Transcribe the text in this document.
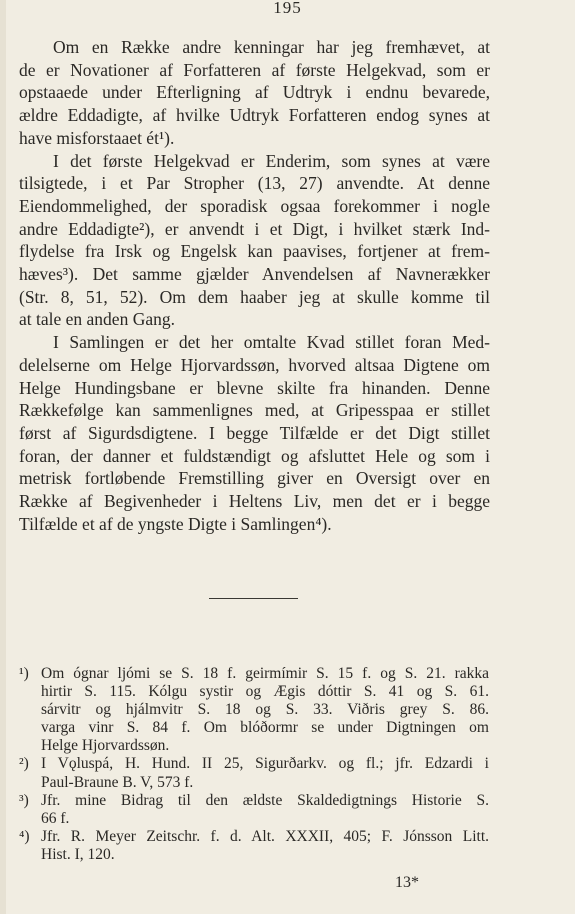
195

Om en Række andre kenningar har jeg fremhævet, at
de er Novationer af Forfatteren af første Helgekvad, som er
opstaaede under Efterligning af Udtryk i endnu bevarede,
ældre Eddadigte, af hvilke Udtryk Forfatteren endog synes at
have misforstaaet ét¹).

I det første Helgekvad er Enderim, som synes at være
tilsigtede, i et Par Stropher (13, 27) anvendte. At denne
Eiendommelighed, der sporadisk ogsaa forekommer i nogle
andre Eddadigte²), er anvendt i et Digt, i hvilket stærk Ind-
flydelse fra Irsk og Engelsk kan paavises, fortjener at frem-
hæves³). Det samme gjælder Anvendelsen af Navnerækker
(Str. 8, 51, 52). Om dem haaber jeg at skulle komme til
at tale en anden Gang.

I Samlingen er det her omtalte Kvad stillet foran Med-
delelserne om Helge Hjorvardssøn, hvorved altsaa Digtene om
Helge Hundingsbane er blevne skilte fra hinanden. Denne
Rækkefølge kan sammenlignes med, at Gripesspaa er stillet
først af Sigurdsdigtene. I begge Tilfælde er det Digt stillet
foran, der danner et fuldstændigt og afsluttet Hele og som i
metrisk fortløbende Fremstilling giver en Oversigt over en
Række af Begivenheder i Heltens Liv, men det er i begge
Tilfælde et af de yngste Digte i Samlingen⁴).

¹) Om ógnar ljómi se S. 18 f. geirmímir S. 15 f. og S. 21. rakka
hirtir S. 115. Kólgu systir og Ægis dóttir S. 41 og S. 61.
sárvitr og hjálmvitr S. 18 og S. 33. Viðris grey S. 86.
varga vinr S. 84 f. Om blóðormr se under Digtningen om
Helge Hjorvardssøn.
²) I Vǫluspá, H. Hund. II 25, Sigurðarkv. og fl.; jfr. Edzardi i
Paul-Braune B. V, 573 f.
³) Jfr. mine Bidrag til den ældste Skaldedigtnings Historie S.
66 f.
⁴) Jfr. R. Meyer Zeitschr. f. d. Alt. XXXII, 405; F. Jónsson Litt.
Hist. I, 120.
13*
